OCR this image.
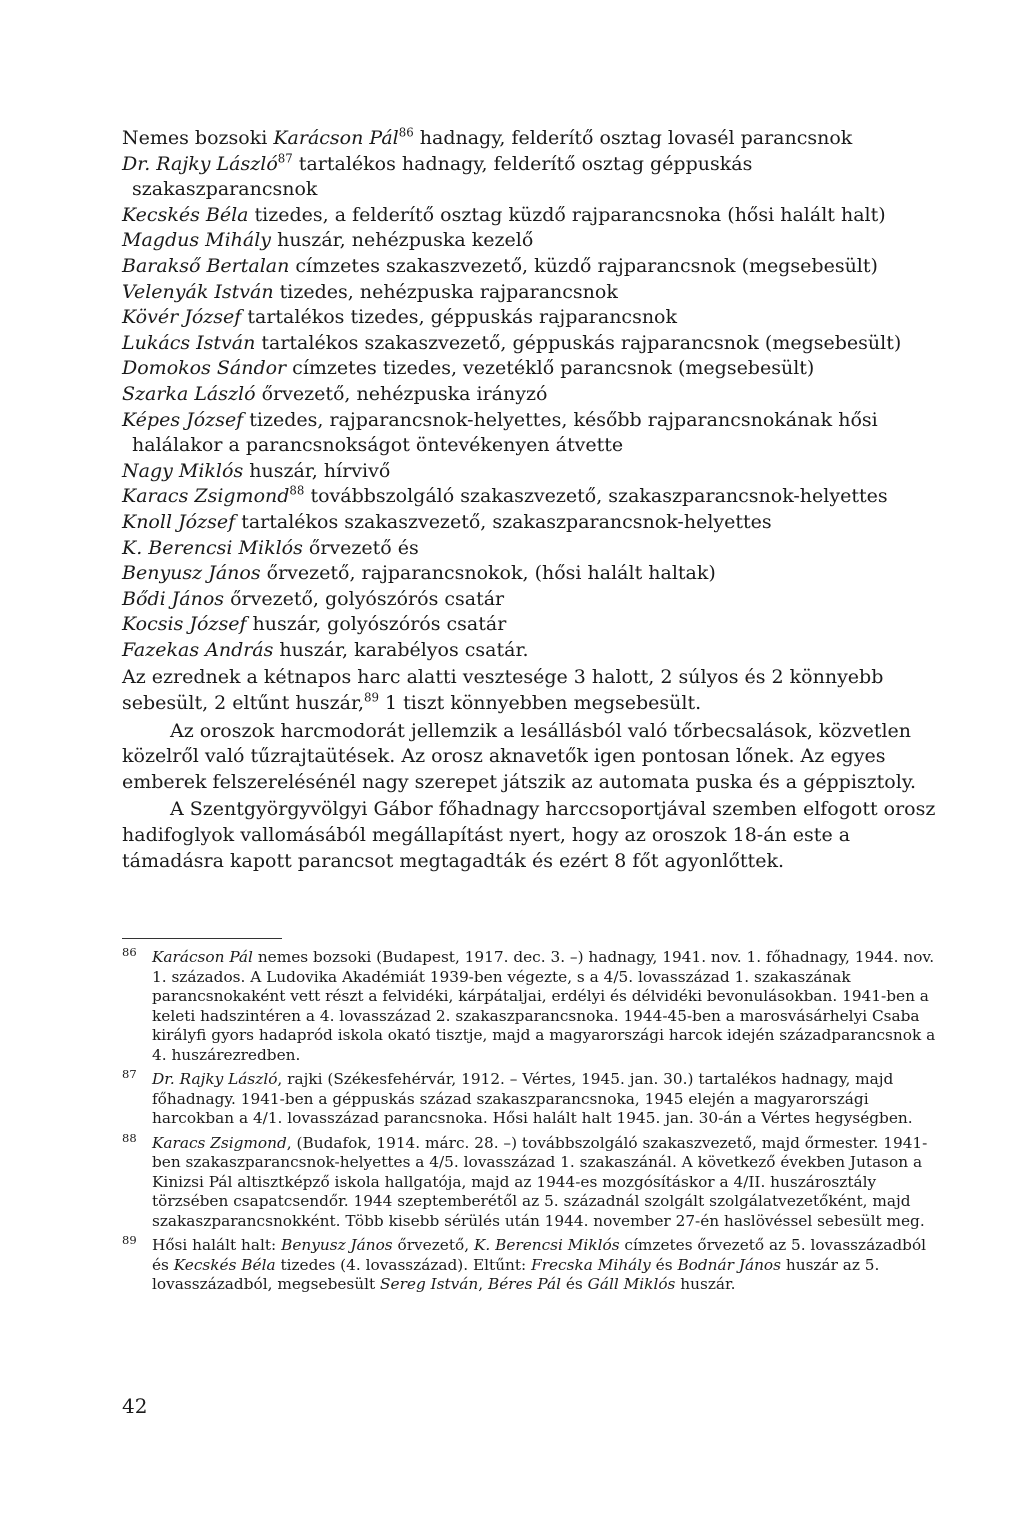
Nemes bozsoki Karácson Pál$^{86}$ hadnagy, felderítő osztag lovasél parancsnok

Dr. Rajky László$^{87}$ tartalékos hadnagy, felderítő osztag géppuskás szakaszparancsnok

Kecskés Béla tizedes, a felderítő osztag küzdő rajparancsnoka (hősi halált halt)

Magdus Mihály huszár, nehézpuska kezelő

Barakső Bertalan címzetes szakaszvezető, küzdő rajparancsnok (megsebesült)

Velenyák István tizedes, nehézpuska rajparancsnok

Kövér József tartalékos tizedes, géppuskás rajparancsnok

Lukács István tartalékos szakaszvezető, géppuskás rajparancsnok (megsebesült)

Domokos Sándor címzetes tizedes, vezetéklő parancsnok (megsebesült)

Szarka László őrvezető, nehézpuska irányzó

Képes József tizedes, rajparancsnok-helyettes, később rajparancsnokának hősi halálakor a parancsnokságot öntevékenyen átvette

Nagy Miklós huszár, hírvivő

Karacs Zsigmond$^{88}$ továbbszolgáló szakaszvezető, szakaszparancsnok-helyettes

Knoll József tartalékos szakaszvezető, szakaszparancsnok-helyettes

K. Berencsi Miklós őrvezető és

Benyusz János őrvezető, rajparancsnokok, (hősi halált haltak)

Bődi János őrvezető, golyószórós csatár

Kocsis József huszár, golyószórós csatár

Fazekas András huszár, karabélyos csatár.

Az ezrednek a kétnapos harc alatti vesztesége 3 halott, 2 súlyos és 2 könnyebb sebesült, 2 eltűnt huszár,$^{89}$ 1 tiszt könnyebben megsebesült.

Az oroszok harcmodorát jellemzik a lesállásból való tőrbecsalások, közvetlen közelről való tűzrajtaütések. Az orosz aknavetők igen pontosan lőnek. Az egyes emberek felszerelésénél nagy szerepet játszik az automata puska és a géppisztoly.

A Szentgyörgyvölgyi Gábor főhadnagy harccsoportjával szemben elfogott orosz hadifoglyok vallomásából megállapítást nyert, hogy az oroszok 18-án este a támadásra kapott parancsot megtagadták és ezért 8 főt agyonlőttek.

86 Karácson Pál nemes bozsoki (Budapest, 1917. dec. 3. –) hadnagy, 1941. nov. 1. főhadnagy, 1944. nov. 1. százados. A Ludovika Akadémiát 1939-ben végezte, s a 4/5. lovasszázad 1. szakaszának parancsnokaként vett részt a felvidéki, kárpátaljai, erdélyi és délvidéki bevonulásokban. 1941-ben a keleti hadszintéren a 4. lovasszázad 2. szakaszparancsnoka. 1944-45-ben a marosvásárhelyi Csaba királyfi gyors hadapród iskola okató tisztje, majd a magyarországi harcok idején századparancsnok a 4. huszárezredben.
87 Dr. Rajky László, rajki (Székesfehérvár, 1912. – Vértes, 1945. jan. 30.) tartalékos hadnagy, majd főhadnagy. 1941-ben a géppuskás század szakaszparancsnoka, 1945 elején a magyarországi harcokban a 4/1. lovasszázad parancsnoka. Hősi halált halt 1945. jan. 30-án a Vértes hegységben.
88 Karacs Zsigmond, (Budafok, 1914. márc. 28. –) továbbszolgáló szakaszvezető, majd őrmester. 1941-ben szakaszparancsnok-helyettes a 4/5. lovasszázad 1. szakaszánál. A következő években Jutason a Kinizsi Pál altisztképző iskola hallgatója, majd az 1944-es mozgósításkor a 4/II. huszárosztály törzsében csapatcsendőr. 1944 szeptemberétől az 5. századnál szolgált szolgálatvezetőként, majd szakaszparancsnokként. Több kisebb sérülés után 1944. november 27-én haslövéssel sebesült meg.
89 Hősi halált halt: Benyusz János őrvezető, K. Berencsi Miklós címzetes őrvezető az 5. lovasszázadból és Kecskés Béla tizedes (4. lovasszázad). Eltűnt: Frecska Mihály és Bodnár János huszár az 5. lovasszázadból, megsebesült Sereg István, Béres Pál és Gáll Miklós huszár.
42
